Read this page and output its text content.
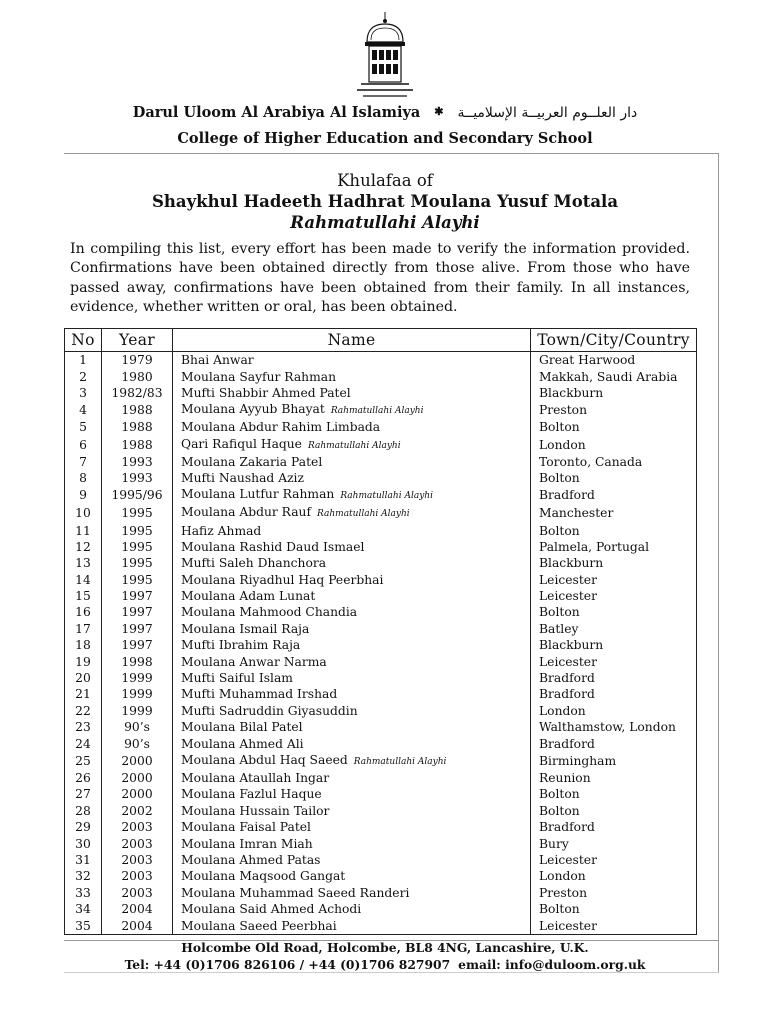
Darul Uloom Al Arabiya Al Islamiya ✱ دار العلــوم العربيــة الإسلاميــة
College of Higher Education and Secondary School
Khulafaa of
Shaykhul Hadeeth Hadhrat Moulana Yusuf Motala
Rahmatullahi Alayhi
In compiling this list, every effort has been made to verify the information provided. Confirmations have been obtained directly from those alive. From those who have passed away, confirmations have been obtained from their family. In all instances, evidence, whether written or oral, has been obtained.
No	Year	Name	Town/City/Country
1	1979	Bhai Anwar	Great Harwood
2	1980	Moulana Sayfur Rahman	Makkah, Saudi Arabia
3	1982/83	Mufti Shabbir Ahmed Patel	Blackburn
4	1988	Moulana Ayyub Bhayat Rahmatullahi Alayhi	Preston
5	1988	Moulana Abdur Rahim Limbada	Bolton
6	1988	Qari Rafiqul Haque Rahmatullahi Alayhi	London
7	1993	Moulana Zakaria Patel	Toronto, Canada
8	1993	Mufti Naushad Aziz	Bolton
9	1995/96	Moulana Lutfur Rahman Rahmatullahi Alayhi	Bradford
10	1995	Moulana Abdur Rauf Rahmatullahi Alayhi	Manchester
11	1995	Hafiz Ahmad	Bolton
12	1995	Moulana Rashid Daud Ismael	Palmela, Portugal
13	1995	Mufti Saleh Dhanchora	Blackburn
14	1995	Moulana Riyadhul Haq Peerbhai	Leicester
15	1997	Moulana Adam Lunat	Leicester
16	1997	Moulana Mahmood Chandia	Bolton
17	1997	Moulana Ismail Raja	Batley
18	1997	Mufti Ibrahim Raja	Blackburn
19	1998	Moulana Anwar Narma	Leicester
20	1999	Mufti Saiful Islam	Bradford
21	1999	Mufti Muhammad Irshad	Bradford
22	1999	Mufti Sadruddin Giyasuddin	London
23	90’s	Moulana Bilal Patel	Walthamstow, London
24	90’s	Moulana Ahmed Ali	Bradford
25	2000	Moulana Abdul Haq Saeed Rahmatullahi Alayhi	Birmingham
26	2000	Moulana Ataullah Ingar	Reunion
27	2000	Moulana Fazlul Haque	Bolton
28	2002	Moulana Hussain Tailor	Bolton
29	2003	Moulana Faisal Patel	Bradford
30	2003	Moulana Imran Miah	Bury
31	2003	Moulana Ahmed Patas	Leicester
32	2003	Moulana Maqsood Gangat	London
33	2003	Moulana Muhammad Saeed Randeri	Preston
34	2004	Moulana Said Ahmed Achodi	Bolton
35	2004	Moulana Saeed Peerbhai	Leicester
Holcombe Old Road, Holcombe, BL8 4NG, Lancashire, U.K.
Tel: +44 (0)1706 826106 / +44 (0)1706 827907 email: info@duloom.org.uk
